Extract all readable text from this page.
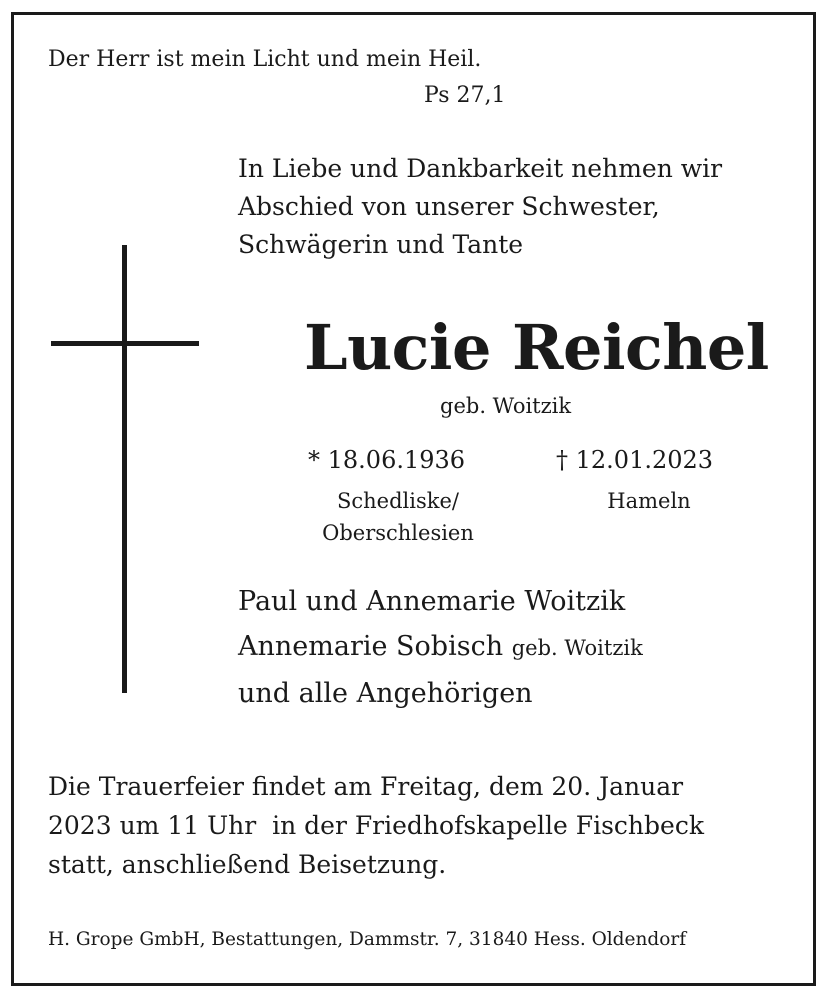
Der Herr ist mein Licht und mein Heil.
Ps 27,1
In Liebe und Dankbarkeit nehmen wir
Abschied von unserer Schwester,
Schwägerin und Tante
Lucie Reichel
geb. Woitzik
* 18.06.1936	† 12.01.2023
Schedliske/
Oberschlesien
Hameln
Paul und Annemarie Woitzik
Annemarie Sobisch geb. Woitzik
und alle Angehörigen
Die Trauerfeier findet am Freitag, dem 20. Januar
2023 um 11 Uhr  in der Friedhofskapelle Fischbeck
statt, anschließend Beisetzung.
H. Grope GmbH, Bestattungen, Dammstr. 7, 31840 Hess. Oldendorf
